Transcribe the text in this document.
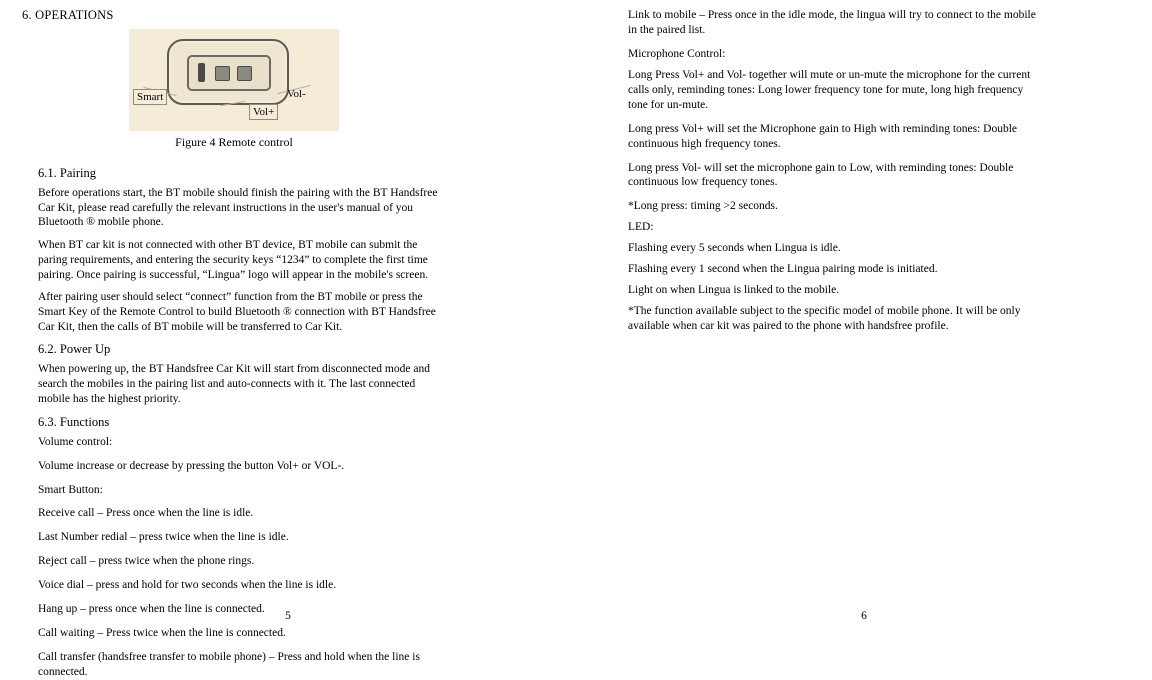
6. OPERATIONS
Smart
Vol+
Vol-
Figure 4 Remote control
6.1. Pairing

Before operations start, the BT mobile should finish the pairing with the BT Handsfree Car Kit, please read carefully the relevant instructions in the user's manual of you Bluetooth ® mobile phone.

When BT car kit is not connected with other BT device, BT mobile can submit the paring requirements, and entering the security keys “1234” to complete the first time pairing. Once pairing is successful, “Lingua” logo will appear in the mobile's screen.

After pairing user should select “connect” function from the BT mobile or press the Smart Key of the Remote Control to build Bluetooth ® connection with BT Handsfree Car Kit, then the calls of BT mobile will be transferred to Car Kit.

6.2. Power Up

When powering up, the BT Handsfree Car Kit will start from disconnected mode and search the mobiles in the pairing list and auto-connects with it. The last connected mobile has the highest priority.

6.3. Functions

Volume control:

Volume increase or decrease by pressing the button Vol+ or VOL-.

Smart Button:

Receive call – Press once when the line is idle.

Last Number redial – press twice when the line is idle.

Reject call – press twice when the phone rings.

Voice dial – press and hold for two seconds when the line is idle.

Hang up – press once when the line is connected.

Call waiting – Press twice when the line is connected.

Call transfer (handsfree transfer to mobile phone) – Press and hold when the line is connected.

5

Link to mobile – Press once in the idle mode, the lingua will try to connect to the mobile in the paired list.

Microphone Control:

Long Press Vol+ and Vol- together will mute or un-mute the microphone for the current calls only, reminding tones: Long lower frequency tone for mute, long high frequency tone for un-mute.

Long press Vol+ will set the Microphone gain to High with reminding tones: Double continuous high frequency tones.

Long press Vol- will set the microphone gain to Low, with reminding tones: Double continuous low frequency tones.

*Long press: timing >2 seconds.

LED:

Flashing every 5 seconds when Lingua is idle.

Flashing every 1 second when the Lingua pairing mode is initiated.

Light on when Lingua is linked to the mobile.

*The function available subject to the specific model of mobile phone. It will be only available when car kit was paired to the phone with handsfree profile.

6
